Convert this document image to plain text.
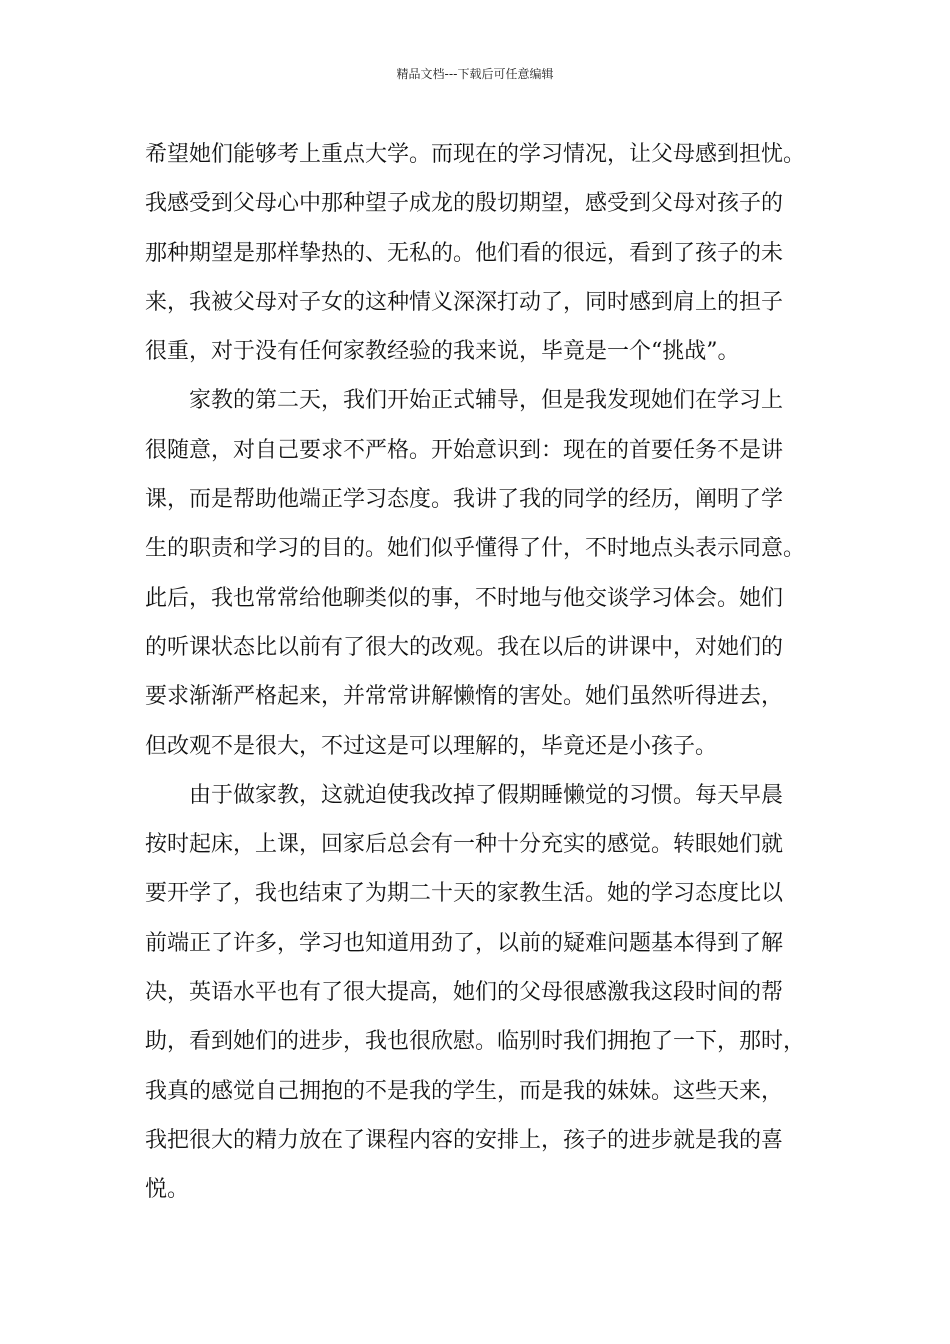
精品文档---下载后可任意编辑
希望她们能够考上重点大学。而现在的学习情况，让父母感到担忧。
我感受到父母心中那种望子成龙的殷切期望，感受到父母对孩子的
那种期望是那样挚热的、无私的。他们看的很远，看到了孩子的未
来，我被父母对子女的这种情义深深打动了，同时感到肩上的担子
很重，对于没有任何家教经验的我来说，毕竟是一个“挑战”。
家教的第二天，我们开始正式辅导，但是我发现她们在学习上
很随意，对自己要求不严格。开始意识到：现在的首要任务不是讲
课，而是帮助他端正学习态度。我讲了我的同学的经历，阐明了学
生的职责和学习的目的。她们似乎懂得了什，不时地点头表示同意。
此后，我也常常给他聊类似的事，不时地与他交谈学习体会。她们
的听课状态比以前有了很大的改观。我在以后的讲课中，对她们的
要求渐渐严格起来，并常常讲解懒惰的害处。她们虽然听得进去，
但改观不是很大，不过这是可以理解的，毕竟还是小孩子。
由于做家教，这就迫使我改掉了假期睡懒觉的习惯。每天早晨
按时起床，上课，回家后总会有一种十分充实的感觉。转眼她们就
要开学了，我也结束了为期二十天的家教生活。她的学习态度比以
前端正了许多，学习也知道用劲了，以前的疑难问题基本得到了解
决，英语水平也有了很大提高，她们的父母很感激我这段时间的帮
助，看到她们的进步，我也很欣慰。临别时我们拥抱了一下，那时，
我真的感觉自己拥抱的不是我的学生，而是我的妹妹。这些天来，
我把很大的精力放在了课程内容的安排上，孩子的进步就是我的喜
悦。
